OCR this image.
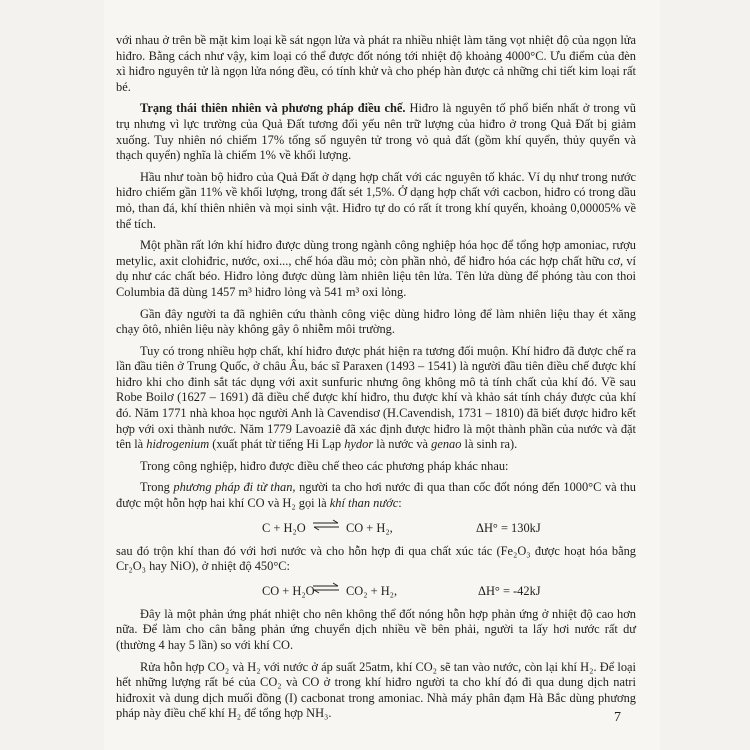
với nhau ở trên bề mặt kim loại kề sát ngọn lửa và phát ra nhiều nhiệt làm tăng vọt nhiệt độ của ngọn lửa hiđro. Bằng cách như vậy, kim loại có thể được đốt nóng tới nhiệt độ khoảng 4000°C. Ưu điểm của đèn xì hiđro nguyên tử là ngọn lửa nóng đều, có tính khử và cho phép hàn được cả những chi tiết kim loại rất bé.

Trạng thái thiên nhiên và phương pháp điều chế. Hiđro là nguyên tố phổ biến nhất ở trong vũ trụ nhưng vì lực trường của Quả Đất tương đối yếu nên trữ lượng của hiđro ở trong Quả Đất bị giảm xuống. Tuy nhiên nó chiếm 17% tổng số nguyên tử trong vỏ quả đất (gồm khí quyển, thủy quyển và thạch quyển) nghĩa là chiếm 1% về khối lượng.

Hầu như toàn bộ hiđro của Quả Đất ở dạng hợp chất với các nguyên tố khác. Ví dụ như trong nước hiđro chiếm gần 11% về khối lượng, trong đất sét 1,5%. Ở dạng hợp chất với cacbon, hiđro có trong dầu mỏ, than đá, khí thiên nhiên và mọi sinh vật. Hiđro tự do có rất ít trong khí quyển, khoảng 0,00005% về thể tích.

Một phần rất lớn khí hiđro được dùng trong ngành công nghiệp hóa học để tổng hợp amoniac, rượu metylic, axit clohiđric, nước, oxi..., chế hóa dầu mỏ; còn phần nhỏ, để hiđro hóa các hợp chất hữu cơ, ví dụ như các chất béo. Hiđro lỏng được dùng làm nhiên liệu tên lửa. Tên lửa dùng để phóng tàu con thoi Columbia đã dùng 1457 m³ hiđro lỏng và 541 m³ oxi lỏng.

Gần đây người ta đã nghiên cứu thành công việc dùng hiđro lỏng để làm nhiên liệu thay ét xăng chạy ôtô, nhiên liệu này không gây ô nhiễm môi trường.

Tuy có trong nhiều hợp chất, khí hiđro được phát hiện ra tương đối muộn. Khí hiđro đã được chế ra lần đầu tiên ở Trung Quốc, ở châu Âu, bác sĩ Paraxen (1493 – 1541) là người đầu tiên điều chế được khí hiđro khi cho đinh sắt tác dụng với axit sunfuric nhưng ông không mô tả tính chất của khí đó. Về sau Robe Boilơ (1627 – 1691) đã điều chế được khí hiđro, thu được khí và khảo sát tính cháy được của khí đó. Năm 1771 nhà khoa học người Anh là Cavendisơ (H.Cavendish, 1731 – 1810) đã biết được hiđro kết hợp với oxi thành nước. Năm 1779 Lavoaziê đã xác định được hiđro là một thành phần của nước và đặt tên là hidrogenium (xuất phát từ tiếng Hi Lạp hydor là nước và genao là sinh ra).

Trong công nghiệp, hiđro được điều chế theo các phương pháp khác nhau:

Trong phương pháp đi từ than, người ta cho hơi nước đi qua than cốc đốt nóng đến 1000°C và thu được một hỗn hợp hai khí CO và H₂ gọi là khí than nước:

C + H₂O ⇌ CO + H₂,	ΔH° = 130kJ

sau đó trộn khí than đó với hơi nước và cho hỗn hợp đi qua chất xúc tác (Fe₂O₃ được hoạt hóa bằng Cr₂O₃ hay NiO), ở nhiệt độ 450°C:

CO + H₂O ⇌ CO₂ + H₂,	ΔH° = -42kJ

Đây là một phản ứng phát nhiệt cho nên không thể đốt nóng hỗn hợp phản ứng ở nhiệt độ cao hơn nữa. Để làm cho cân bằng phản ứng chuyển dịch nhiều về bên phải, người ta lấy hơi nước rất dư (thường 4 hay 5 lần) so với khí CO.

Rửa hỗn hợp CO₂ và H₂ với nước ở áp suất 25atm, khí CO₂ sẽ tan vào nước, còn lại khí H₂. Để loại hết những lượng rất bé của CO₂ và CO ở trong khí hiđro người ta cho khí đó đi qua dung dịch natri hiđroxit và dung dịch muối đồng (I) cacbonat trong amoniac. Nhà máy phân đạm Hà Bắc dùng phương pháp này điều chế khí H₂ để tổng hợp NH₃.	7
